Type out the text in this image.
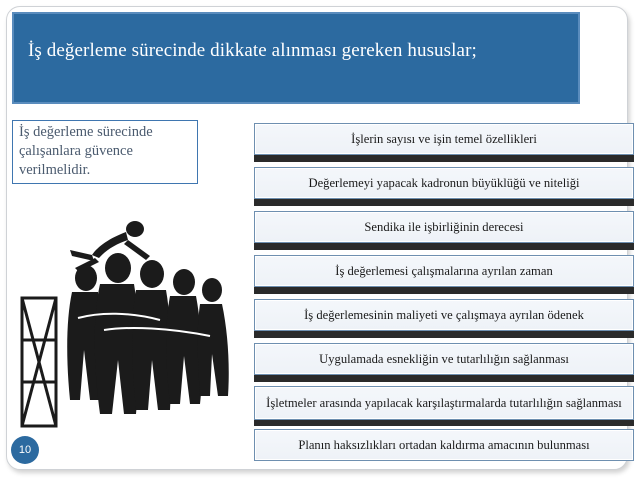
İş değerleme sürecinde dikkate alınması gereken hususlar;
İş değerleme sürecinde
çalışanlara güvence
verilmelidir.
İşlerin sayısı ve işin temel özellikleri
Değerlemeyi yapacak kadronun büyüklüğü ve niteliği
Sendika ile işbirliğinin derecesi
İş değerlemesi çalışmalarına ayrılan zaman
İş değerlemesinin maliyeti ve çalışmaya ayrılan ödenek
Uygulamada esnekliğin ve tutarlılığın sağlanması
İşletmeler arasında yapılacak karşılaştırmalarda tutarlılığın sağlanması
Planın haksızlıkları ortadan kaldırma amacının bulunması
10
